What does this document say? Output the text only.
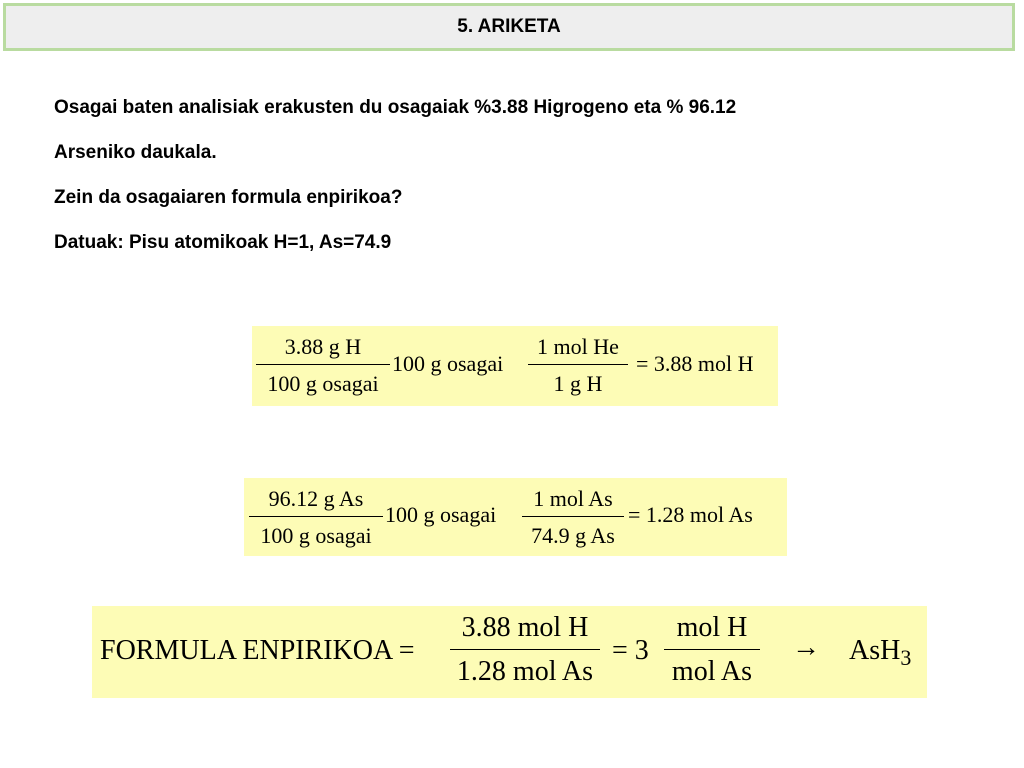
5. ARIKETA

Osagai baten analisiak erakusten du osagaiak %3.88 Higrogeno eta % 96.12

Arseniko daukala.

Zein da osagaiaren formula enpirikoa?

Datuak: Pisu atomikoak H=1, As=74.9

3.88 g H
100 g osagai
100 g osagai
1 mol He
1 g H
= 3.88 mol H
96.12 g As
100 g osagai
100 g osagai
1 mol As
74.9 g As
= 1.28 mol As
FORMULA ENPIRIKOA =
3.88 mol H
1.28 mol As
= 3
mol H
mol As
→ AsH$_3$
